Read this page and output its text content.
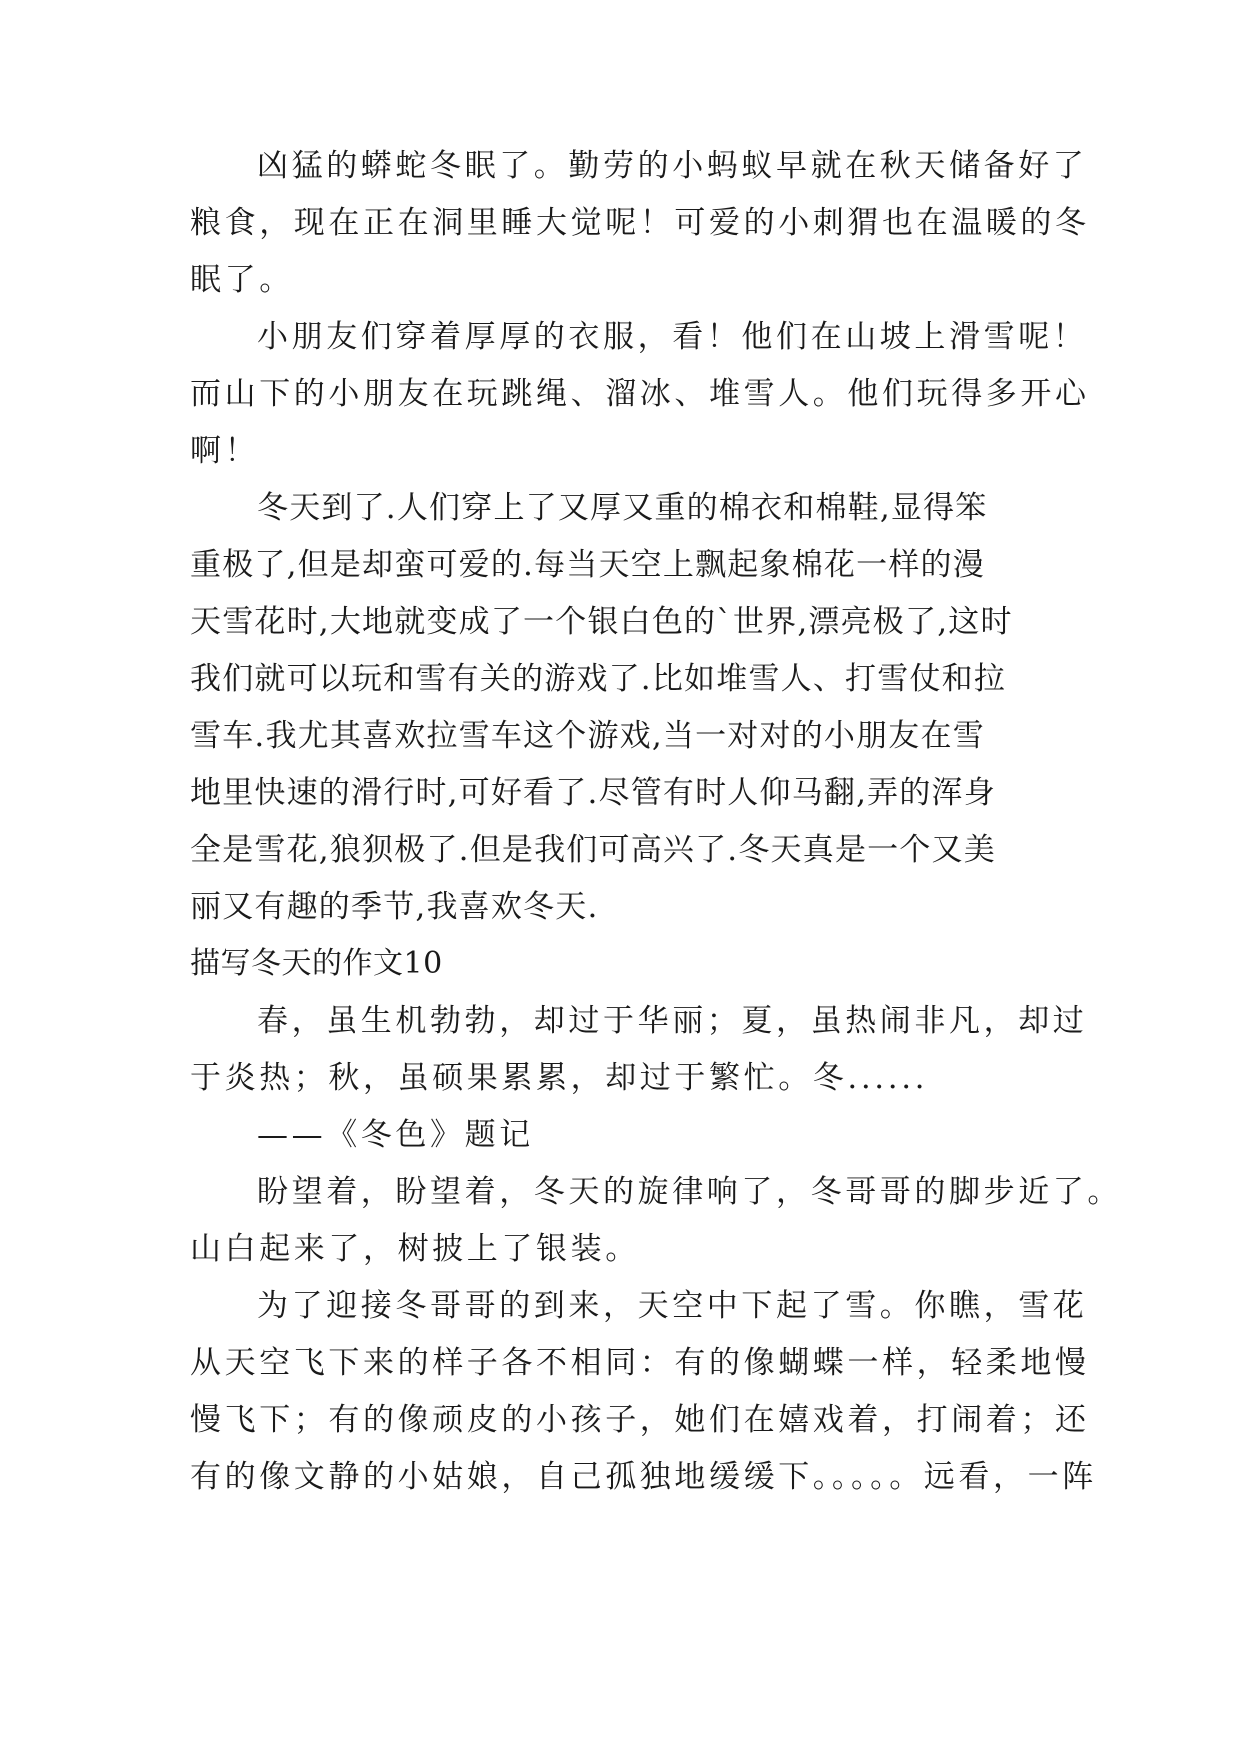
凶猛的蟒蛇冬眠了。勤劳的小蚂蚁早就在秋天储备好了
粮食，现在正在洞里睡大觉呢！可爱的小刺猬也在温暖的冬
眠了。
小朋友们穿着厚厚的衣服，看！他们在山坡上滑雪呢！
而山下的小朋友在玩跳绳、溜冰、堆雪人。他们玩得多开心
啊！
冬天到了.人们穿上了又厚又重的棉衣和棉鞋,显得笨
重极了,但是却蛮可爱的.每当天空上飘起象棉花一样的漫
天雪花时,大地就变成了一个银白色的`世界,漂亮极了,这时
我们就可以玩和雪有关的游戏了.比如堆雪人、打雪仗和拉
雪车.我尤其喜欢拉雪车这个游戏,当一对对的小朋友在雪
地里快速的滑行时,可好看了.尽管有时人仰马翻,弄的浑身
全是雪花,狼狈极了.但是我们可高兴了.冬天真是一个又美
丽又有趣的季节,我喜欢冬天.
描写冬天的作文10
春，虽生机勃勃，却过于华丽；夏，虽热闹非凡，却过
于炎热；秋，虽硕果累累，却过于繁忙。冬......
——《冬色》题记
盼望着，盼望着，冬天的旋律响了，冬哥哥的脚步近了。
山白起来了，树披上了银装。
为了迎接冬哥哥的到来，天空中下起了雪。你瞧，雪花
从天空飞下来的样子各不相同：有的像蝴蝶一样，轻柔地慢
慢飞下；有的像顽皮的小孩子，她们在嬉戏着，打闹着；还
有的像文静的小姑娘，自己孤独地缓缓下。。。。。远看，一阵
